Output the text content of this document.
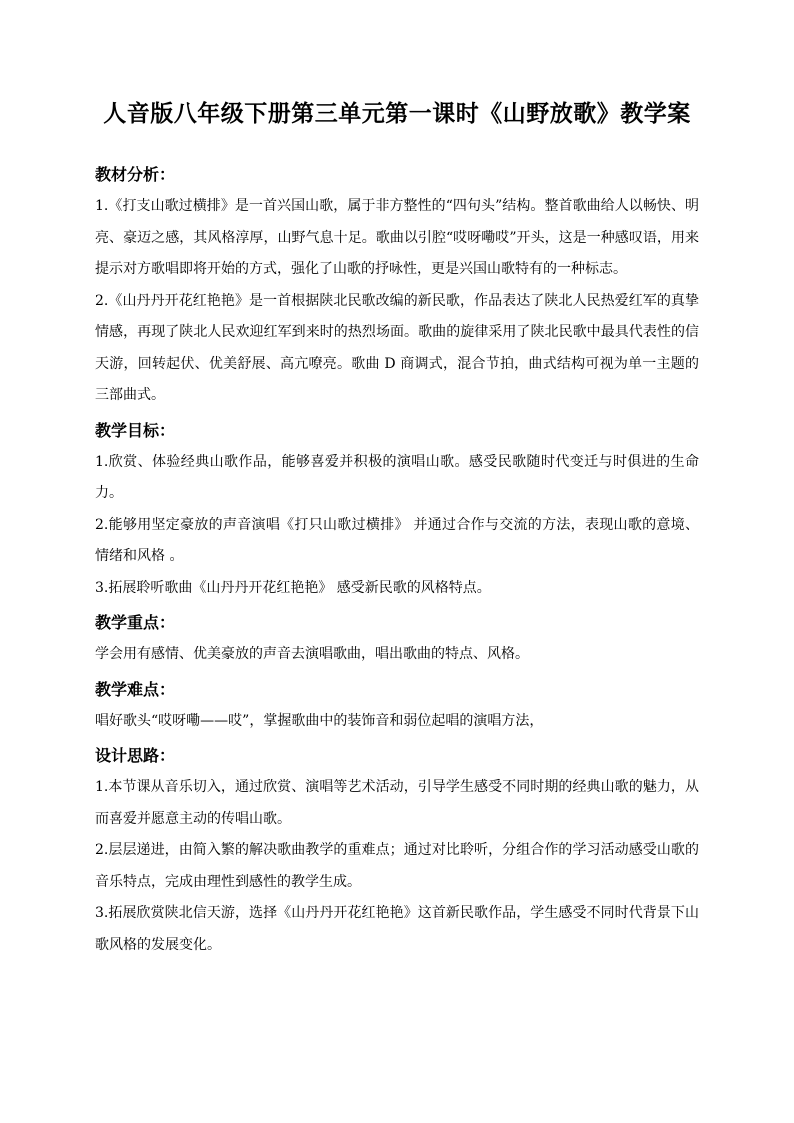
人音版八年级下册第三单元第一课时《山野放歌》教学案
教材分析：

1.《打支山歌过横排》是一首兴国山歌，属于非方整性的“四句头”结构。整首歌曲给人以畅快、明亮、豪迈之感，其风格淳厚，山野气息十足。歌曲以引腔“哎呀嘞哎”开头，这是一种感叹语，用来提示对方歌唱即将开始的方式，强化了山歌的抒咏性，更是兴国山歌特有的一种标志。

2.《山丹丹开花红艳艳》是一首根据陕北民歌改编的新民歌，作品表达了陕北人民热爱红军的真挚情感，再现了陕北人民欢迎红军到来时的热烈场面。歌曲的旋律采用了陕北民歌中最具代表性的信天游，回转起伏、优美舒展、高亢嘹亮。歌曲 D 商调式，混合节拍，曲式结构可视为单一主题的三部曲式。

教学目标：

1.欣赏、体验经典山歌作品，能够喜爱并积极的演唱山歌。感受民歌随时代变迁与时俱进的生命力。

2.能够用坚定豪放的声音演唱《打只山歌过横排》 并通过合作与交流的方法，表现山歌的意境、情绪和风格 。

3.拓展聆听歌曲《山丹丹开花红艳艳》 感受新民歌的风格特点。

教学重点：

学会用有感情、优美豪放的声音去演唱歌曲，唱出歌曲的特点、风格。

教学难点：

唱好歌头“哎呀嘞——哎”，掌握歌曲中的装饰音和弱位起唱的演唱方法，

设计思路：

1.本节课从音乐切入，通过欣赏、演唱等艺术活动，引导学生感受不同时期的经典山歌的魅力，从而喜爱并愿意主动的传唱山歌。

2.层层递进，由简入繁的解决歌曲教学的重难点；通过对比聆听，分组合作的学习活动感受山歌的音乐特点，完成由理性到感性的教学生成。

3.拓展欣赏陕北信天游，选择《山丹丹开花红艳艳》这首新民歌作品，学生感受不同时代背景下山歌风格的发展变化。
